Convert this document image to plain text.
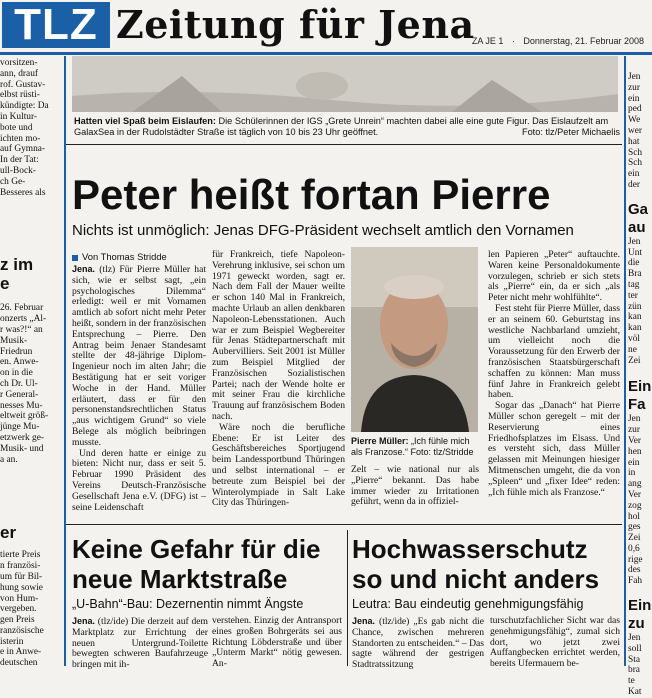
TLZ Zeitung für Jena
ZA JE 1 · Donnerstag, 21. Februar 2008
vorsitzen-
ann, drauf
rof. Gustav-
elbst rüsti-
kündigte: Da
in Kultur-
bote und
ichten mo-
auf Gymna-
In der Tat:
ull-Bock-
ch Ge-
Besseres als
z im
e
26. Februar
onzerts „Al-
r was?!“ an
Musik-
Friedrun
en. Anwe-
on in die
ch Dr. Ul-
r General-
nesses Mu-
eltweit größ-
jünge Mu-
etzwerk ge-
Musik- und
a an.
er
tierte Preis
n französi-
um für Bil-
hung sowie
von Hum-
vergeben.
gen Preis
ranzösische
isterin
e in Anwe-
deutschen
Jen
zur
ein
ped
We
wer
hat
Sch
Sch
ein
der
Ga
au
Jen
Unt
die
Bra
tag
ter
zün
kan
kan
völ
ne
Zei
Ein
Fa
Jen
zur
Ver
hen
ein
in
ang
Ver
zog
hol
ges
Zei
0,6
rige
des
Fah
Ein
zu
Jen
soll
Sta
bra
te
Kat
Hatten viel Spaß beim Eislaufen: Die Schülerinnen der IGS „Grete Unrein“ machten dabei alle eine gute Figur. Das Eislaufzelt am GalaxSea in der Rudolstädter Straße ist täglich von 10 bis 23 Uhr geöffnet.	Foto: tlz/Peter Michaelis
Peter heißt fortan Pierre
Nichts ist unmöglich: Jenas DFG-Präsident wechselt amtlich den Vornamen
Von Thomas Stridde

Jena. (tlz) Für Pierre Müller hat sich, wie er selbst sagt, „ein psychologisches Dilemma“ erledigt: weil er mit Vornamen amtlich ab sofort nicht mehr Peter heißt, sondern in der französischen Entsprechung – Pierre. Den Antrag beim Jenaer Standesamt stellte der 48-jährige Diplom-Ingenieur noch im alten Jahr; die Bestätigung hat er seit voriger Woche in der Hand. Müller erläutert, dass er für den personenstandsrechtlichen Status „aus wichtigem Grund“ so viele Belege als möglich beibringen musste.

Und deren hatte er einige zu bieten: Nicht nur, dass er seit 5. Februar 1990 Präsident des Vereins Deutsch-Französische Gesellschaft Jena e.V. (DFG) ist – seine Leidenschaft

für Frankreich, tiefe Napoleon-Verehrung inklusive, sei schon um 1971 geweckt worden, sagt er. Nach dem Fall der Mauer weilte er schon 140 Mal in Frankreich, machte Urlaub an allen denkbaren Napoleon-Lebensstationen. Auch war er zum Beispiel Wegbereiter für Jenas Städtepartnerschaft mit Aubervilliers. Seit 2001 ist Müller zum Beispiel Mitglied der Französischen Sozialistischen Partei; nach der Wende holte er mit seiner Frau die kirchliche Trauung auf französischem Boden nach.

Wäre noch die berufliche Ebene: Er ist Leiter des Geschäftsbereiches Sportjugend beim Landessportbund Thüringen und selbst international – er betreute zum Beispiel bei der Winterolympiade in Salt Lake City das Thüringen-

Pierre Müller: „Ich fühle mich als Franzose.“ Foto: tlz/Stridde

Zelt – wie national nur als „Pierre“ bekannt. Das habe immer wieder zu Irritationen geführt, wenn da in offiziel-

len Papieren „Peter“ auftauchte. Waren keine Personaldokumente vorzulegen, schrieb er sich stets als „Pierre“ ein, da er sich „als Peter nicht mehr wohlfühlte“.

Fest steht für Pierre Müller, dass er an seinem 60. Geburtstag ins westliche Nachbarland umzieht, um vielleicht noch die Voraussetzung für den Erwerb der französischen Staatsbürgerschaft schaffen zu können: Man muss fünf Jahre in Frankreich gelebt haben.

Sogar das „Danach“ hat Pierre Müller schon geregelt – mit der Reservierung eines Friedhofsplatzes im Elsass. Und es versteht sich, dass Müller gelassen mit Meinungen hiesiger Mitmenschen umgeht, die da von „Spleen“ und „fixer Idee“ reden: „Ich fühle mich als Franzose.“

Keine Gefahr für die neue Marktstraße
„U-Bahn“-Bau: Dezernentin nimmt Ängste

Jena. (tlz/ide) Die derzeit auf dem Marktplatz zur Errichtung der neuen Untergrund-Toilette bewegten schweren Baufahrzeuge bringen mit ih-

verstehen. Einzig der Antransport eines großen Bohrgeräts sei aus Richtung Löbderstraße und über „Unterm Markt“ nötig gewesen. An-

Hochwasserschutz so und nicht anders
Leutra: Bau eindeutig genehmigungsfähig

Jena. (tlz/ide) „Es gab nicht die Chance, zwischen mehreren Standorten zu entscheiden.“ – Das sagte während der gestrigen Stadtratssitzung

turschutzfachlicher Sicht war das genehmigungsfähig“, zumal sich dort, wo jetzt zwei Auffangbecken errichtet werden, bereits Ufermauern be-
